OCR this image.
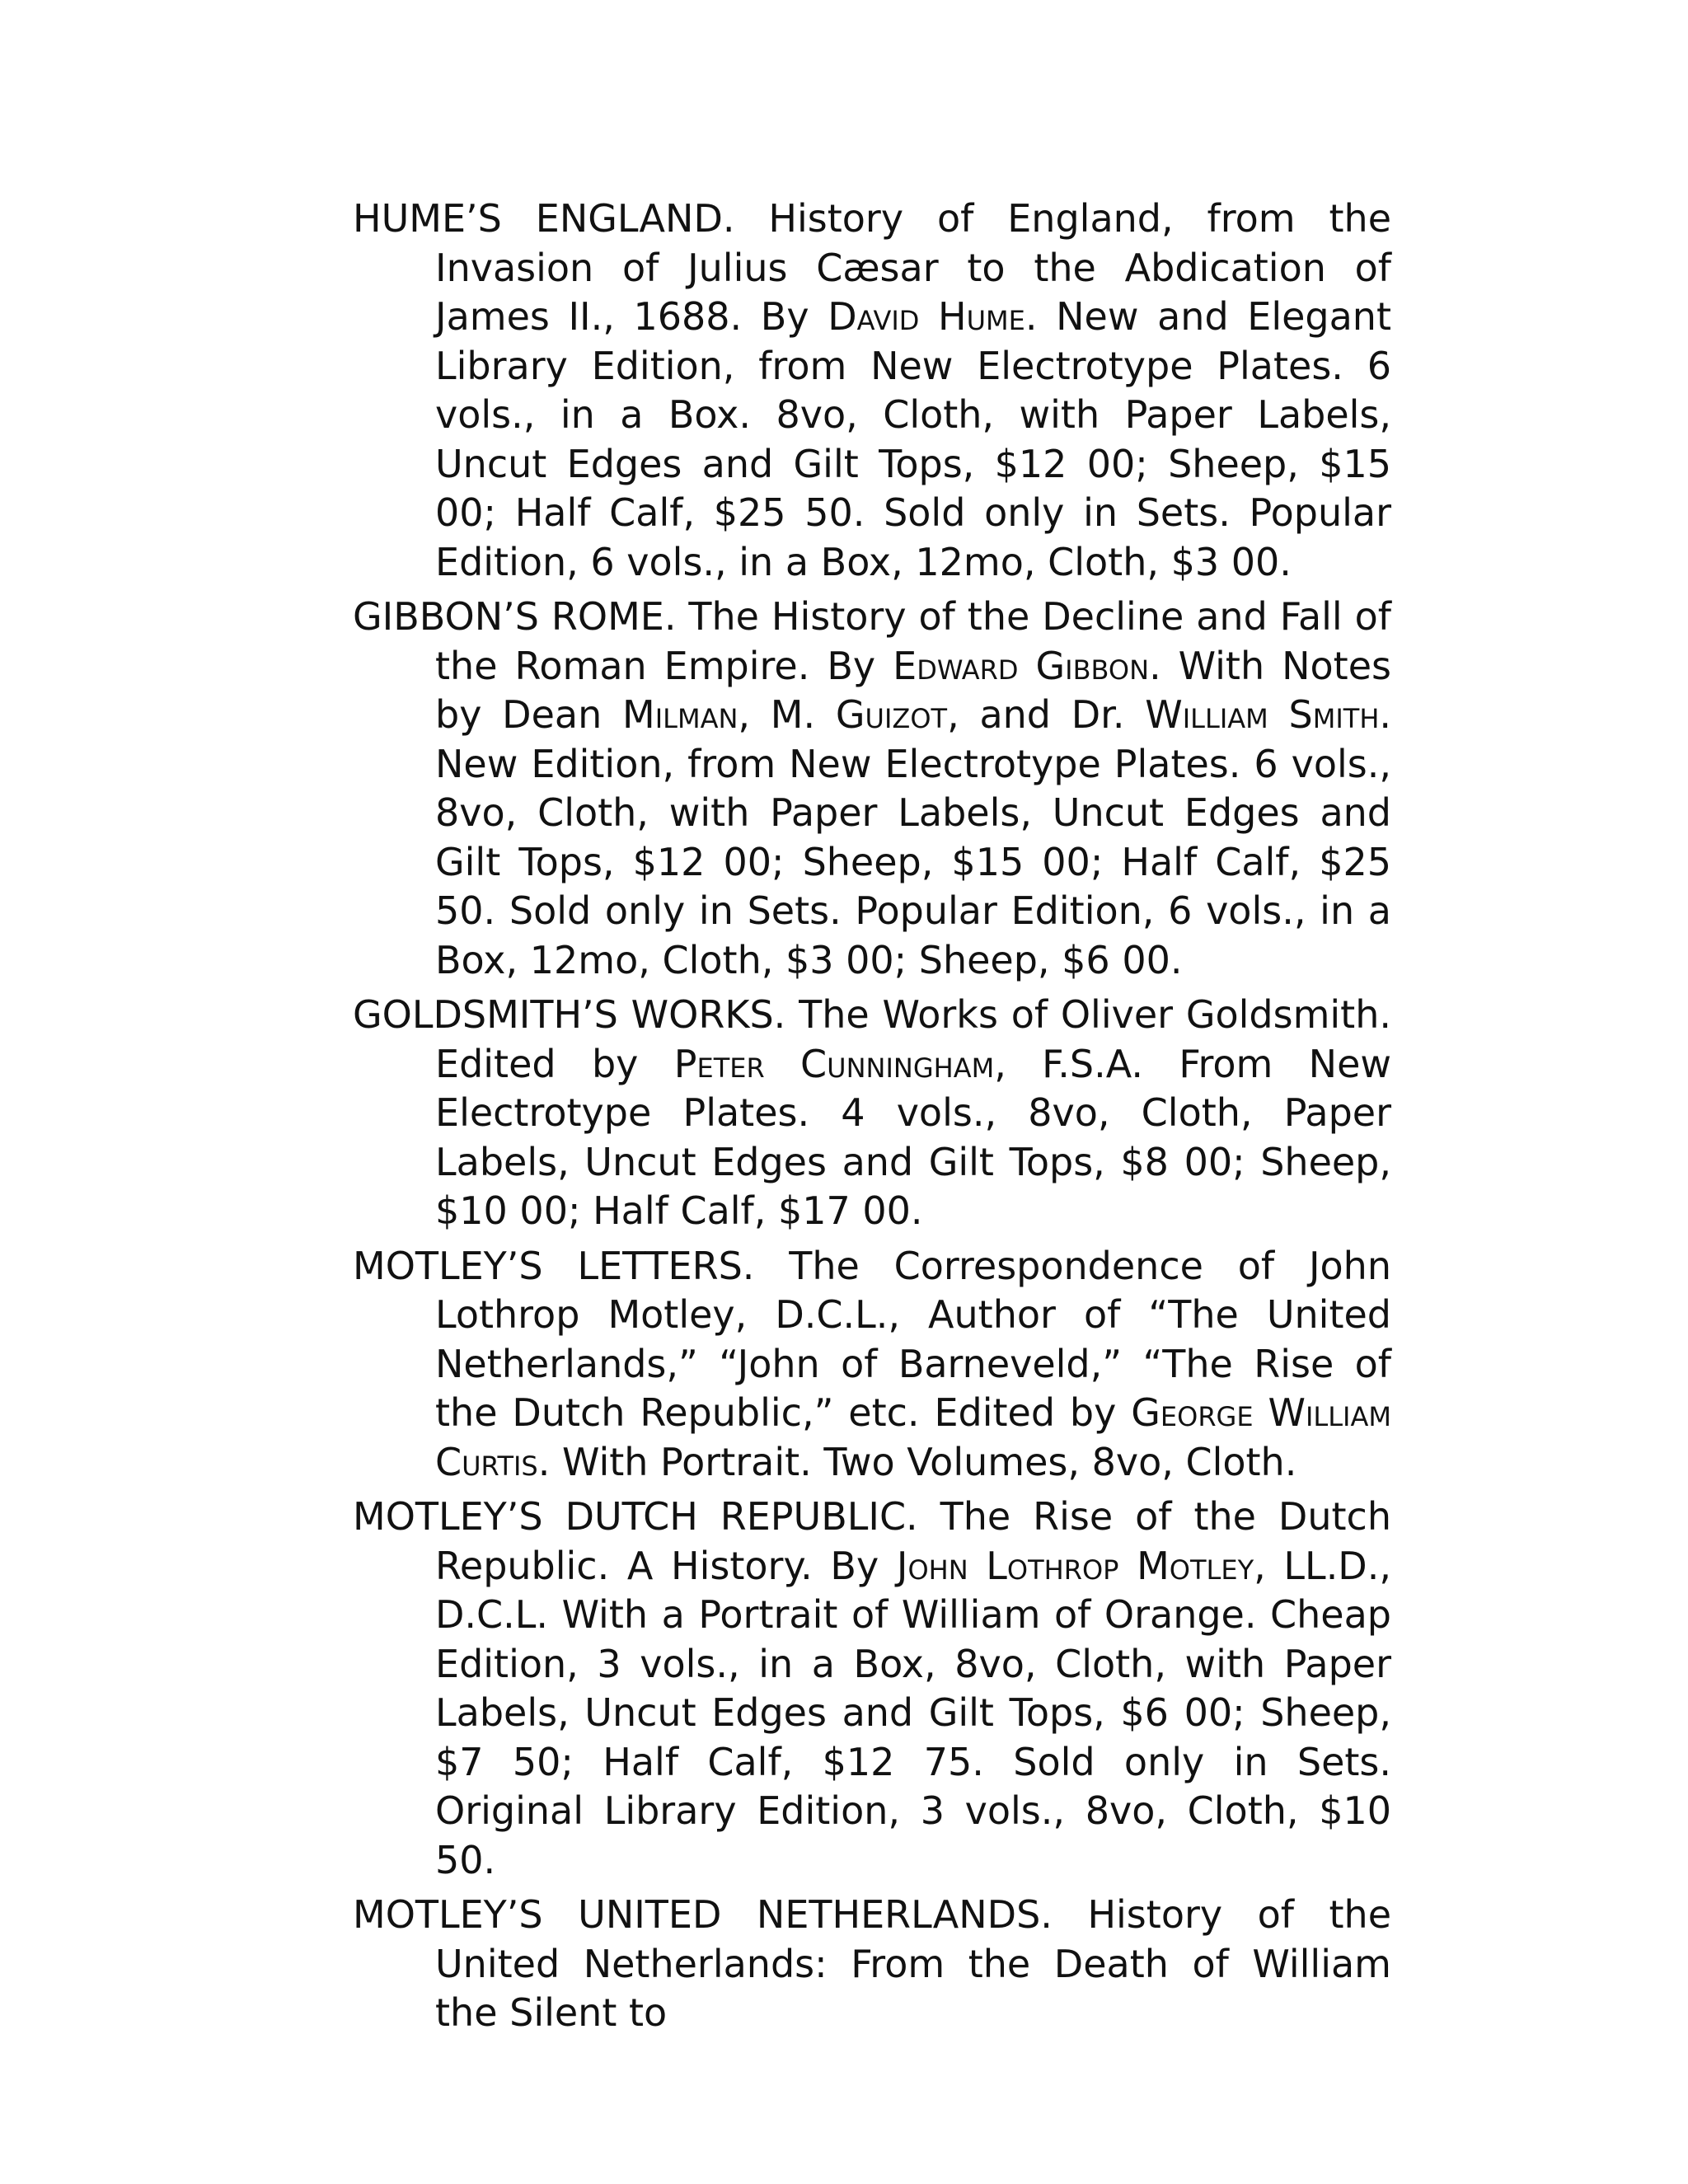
HUME’S ENGLAND. History of England, from the Invasion of Julius Cæsar to the Abdication of James II., 1688. By David Hume. New and Elegant Library Edition, from New Electrotype Plates. 6 vols., in a Box. 8vo, Cloth, with Paper Labels, Uncut Edges and Gilt Tops, $12 00; Sheep, $15 00; Half Calf, $25 50. Sold only in Sets. Popular Edition, 6 vols., in a Box, 12mo, Cloth, $3 00.

GIBBON’S ROME. The History of the Decline and Fall of the Roman Empire. By Edward Gibbon. With Notes by Dean Milman, M. Guizot, and Dr. William Smith. New Edition, from New Electrotype Plates. 6 vols., 8vo, Cloth, with Paper Labels, Uncut Edges and Gilt Tops, $12 00; Sheep, $15 00; Half Calf, $25 50. Sold only in Sets. Popular Edition, 6 vols., in a Box, 12mo, Cloth, $3 00; Sheep, $6 00.

GOLDSMITH’S WORKS. The Works of Oliver Goldsmith. Edited by Peter Cunningham, F.S.A. From New Electrotype Plates. 4 vols., 8vo, Cloth, Paper Labels, Uncut Edges and Gilt Tops, $8 00; Sheep, $10 00; Half Calf, $17 00.

MOTLEY’S LETTERS. The Correspondence of John Lothrop Motley, D.C.L., Author of “The United Netherlands,” “John of Barneveld,” “The Rise of the Dutch Republic,” etc. Edited by George William Curtis. With Portrait. Two Volumes, 8vo, Cloth.

MOTLEY’S DUTCH REPUBLIC. The Rise of the Dutch Republic. A History. By John Lothrop Motley, LL.D., D.C.L. With a Portrait of William of Orange. Cheap Edition, 3 vols., in a Box, 8vo, Cloth, with Paper Labels, Uncut Edges and Gilt Tops, $6 00; Sheep, $7 50; Half Calf, $12 75. Sold only in Sets. Original Library Edition, 3 vols., 8vo, Cloth, $10 50.

MOTLEY’S UNITED NETHERLANDS. History of the United Netherlands: From the Death of William the Silent to
